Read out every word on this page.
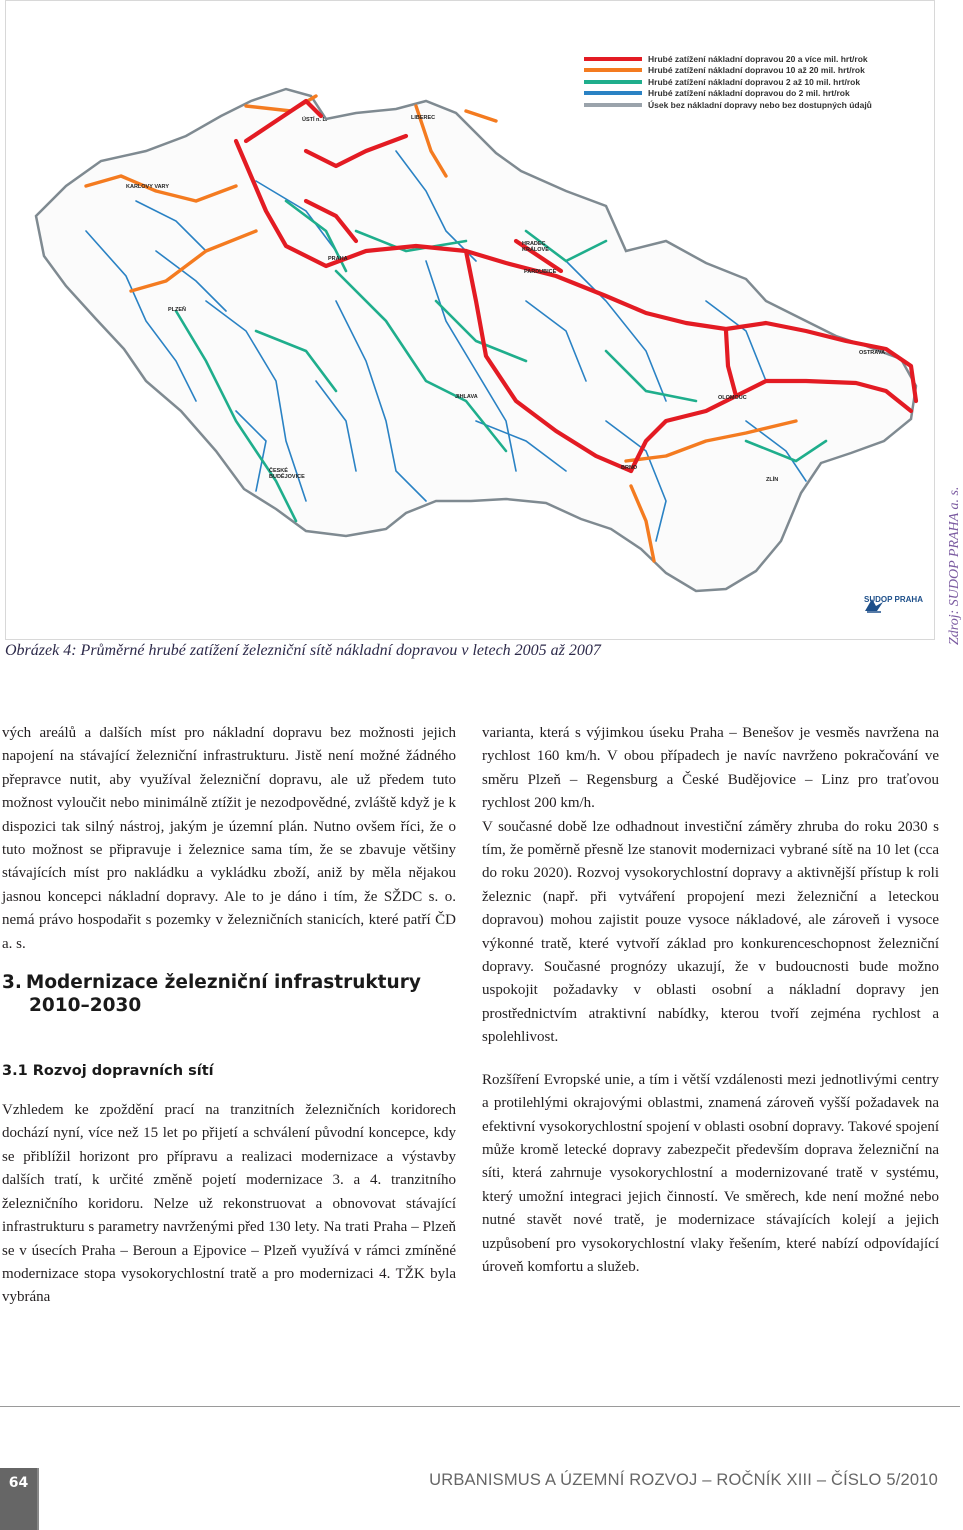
Hrubé zatížení nákladní dopravou 20 a více mil. hrt/rok
Hrubé zatížení nákladní dopravou 10 až 20 mil. hrt/rok
Hrubé zatížení nákladní dopravou 2 až 10 mil. hrt/rok
Hrubé zatížení nákladní dopravou do 2 mil. hrt/rok
Úsek bez nákladní dopravy nebo bez dostupných údajů
ÚSTÍ n. L.	LIBEREC
KARLOVY VARY
HRADEC KRÁLOVÉ
PARDUBICE
PRAHA
PLZEŇ
JIHLAVA
OSTRAVA
OLOMOUC
ČESKÉ BUDĚJOVICE
BRNO
ZLÍN
SUDOP PRAHA Zdroj: SUDOP PRAHA a. s.
Obrázek 4: Průměrné hrubé zatížení železniční sítě nákladní dopravou v letech 2005 až 2007

vých areálů a dalších míst pro nákladní dopravu bez možnosti jejich napojení na stávající železniční infrastrukturu. Jistě není možné žádného přepravce nutit, aby využíval železniční dopravu, ale už předem tuto možnost vyloučit nebo minimálně ztížit je nezodpovědné, zvláště když je k dispozici tak silný nástroj, jakým je územní plán. Nutno ovšem říci, že o tuto možnost se připravuje i železnice sama tím, že se zbavuje většiny stávajících míst pro nakládku a vykládku zboží, aniž by měla nějakou jasnou koncepci nákladní dopravy. Ale to je dáno i tím, že SŽDC s. o. nemá právo hospodařit s pozemky v železničních stanicích, které patří ČD a. s.

3. Modernizace železniční infrastruktury
2010–2030
3.1 Rozvoj dopravních sítí

Vzhledem ke zpoždění prací na tranzitních železničních koridorech dochází nyní, více než 15 let po přijetí a schválení původní koncepce, kdy se přiblížil horizont pro přípravu a realizaci modernizace a výstavby dalších tratí, k určité změně pojetí modernizace 3. a 4. tranzitního železničního koridoru. Nelze už rekonstruovat a obnovovat stávající infrastrukturu s parametry navrženými před 130 lety. Na trati Praha – Plzeň se v úsecích Praha – Beroun a Ejpovice – Plzeň využívá v rámci zmíněné modernizace stopa vysokorychlostní tratě a pro modernizaci 4. TŽK byla vybrána

varianta, která s výjimkou úseku Praha – Benešov je vesměs navržena na rychlost 160 km/h. V obou případech je navíc navrženo pokračování ve směru Plzeň – Regensburg a České Budějovice – Linz pro traťovou rychlost 200 km/h.

V současné době lze odhadnout investiční záměry zhruba do roku 2030 s tím, že poměrně přesně lze stanovit modernizaci vybrané sítě na 10 let (cca do roku 2020). Rozvoj vysokorychlostní dopravy a aktivnější přístup k roli železnic (např. při vytváření propojení mezi železniční a leteckou dopravou) mohou zajistit pouze vysoce nákladové, ale zároveň i vysoce výkonné tratě, které vytvoří základ pro konkurenceschopnost železniční dopravy. Současné prognózy ukazují, že v budoucnosti bude možno uspokojit požadavky v oblasti osobní a nákladní dopravy jen prostřednictvím atraktivní nabídky, kterou tvoří zejména rychlost a spolehlivost.

Rozšíření Evropské unie, a tím i větší vzdálenosti mezi jednotlivými centry a protilehlými okrajovými oblastmi, znamená zároveň vyšší požadavek na efektivní vysokorychlostní spojení v oblasti osobní dopravy. Takové spojení může kromě letecké dopravy zabezpečit především doprava železniční na síti, která zahrnuje vysokorychlostní a modernizované tratě v systému, který umožní integraci jejich činností. Ve směrech, kde není možné nebo nutné stavět nové tratě, je modernizace stávajících kolejí a jejich uzpůsobení pro vysokorychlostní vlaky řešením, které nabízí odpovídající úroveň komfortu a služeb.

64	URBANISMUS A ÚZEMNÍ ROZVOJ – ROČNÍK XIII – ČÍSLO 5/2010
